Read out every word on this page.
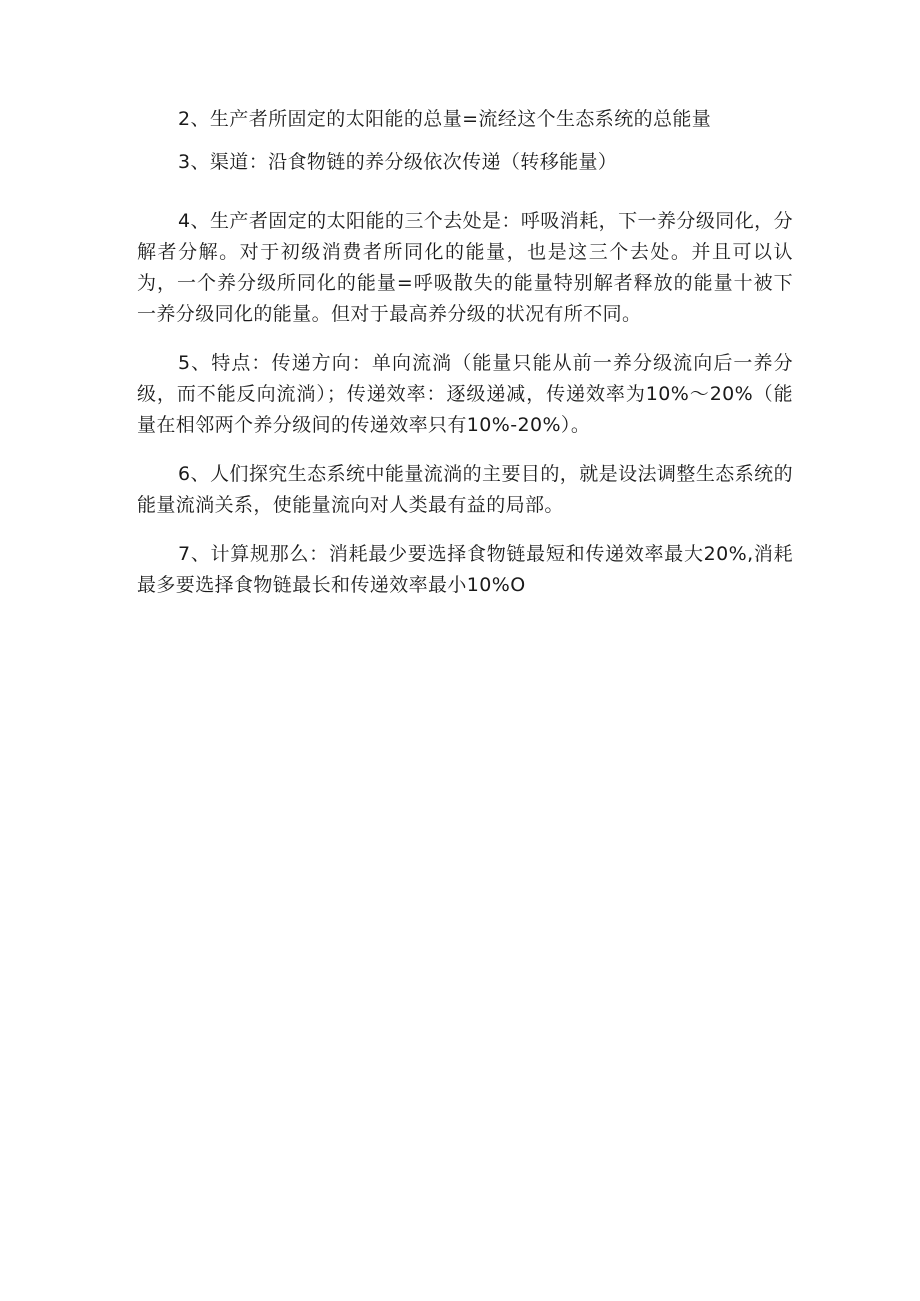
2、生产者所固定的太阳能的总量=流经这个生态系统的总能量

3、渠道：沿食物链的养分级依次传递（转移能量）

4、生产者固定的太阳能的三个去处是：呼吸消耗，下一养分级同化，分解者分解。对于初级消费者所同化的能量，也是这三个去处。并且可以认为，一个养分级所同化的能量=呼吸散失的能量特别解者释放的能量十被下一养分级同化的能量。但对于最高养分级的状况有所不同。

5、特点：传递方向：单向流淌（能量只能从前一养分级流向后一养分级，而不能反向流淌）；传递效率：逐级递减，传递效率为10%～20%（能量在相邻两个养分级间的传递效率只有10%-20%）。

6、人们探究生态系统中能量流淌的主要目的，就是设法调整生态系统的能量流淌关系，使能量流向对人类最有益的局部。

7、计算规那么：消耗最少要选择食物链最短和传递效率最大20%,消耗最多要选择食物链最长和传递效率最小10%O
